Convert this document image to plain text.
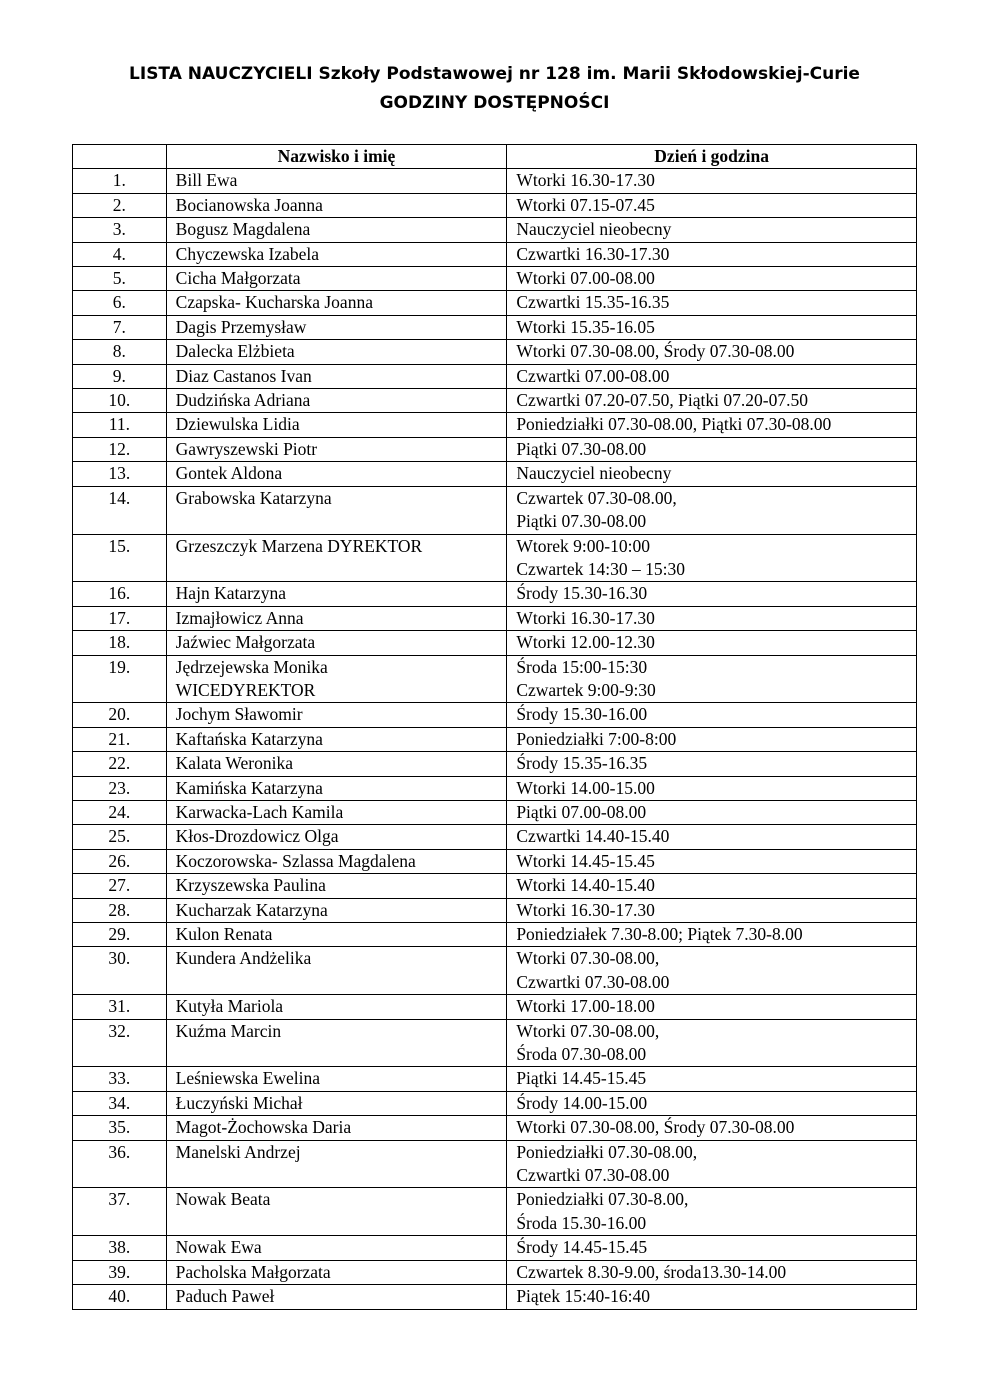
LISTA NAUCZYCIELI Szkoły Podstawowej nr 128 im. Marii Skłodowskiej-Curie
GODZINY DOSTĘPNOŚCI
	Nazwisko i imię	Dzień i godzina
1.	Bill Ewa	Wtorki 16.30-17.30

2.	Bocianowska Joanna	Wtorki 07.15-07.45

3.	Bogusz Magdalena	Nauczyciel nieobecny

4.	Chyczewska Izabela	Czwartki 16.30-17.30

5.	Cicha Małgorzata	Wtorki 07.00-08.00

6.	Czapska- Kucharska Joanna	Czwartki 15.35-16.35

7.	Dagis Przemysław	Wtorki 15.35-16.05

8.	Dalecka Elżbieta	Wtorki 07.30-08.00, Środy 07.30-08.00

9.	Diaz Castanos Ivan	Czwartki 07.00-08.00

10.	Dudzińska Adriana	Czwartki 07.20-07.50, Piątki 07.20-07.50

11.	Dziewulska Lidia	Poniedziałki 07.30-08.00, Piątki 07.30-08.00

12.	Gawryszewski Piotr	Piątki 07.30-08.00

13.	Gontek Aldona	Nauczyciel nieobecny

14.	Grabowska Katarzyna	Czwartek 07.30-08.00,
Piątki 07.30-08.00

15.	Grzeszczyk Marzena DYREKTOR	Wtorek 9:00-10:00
Czwartek 14:30 – 15:30

16.	Hajn Katarzyna	Środy 15.30-16.30

17.	Izmajłowicz Anna	Wtorki 16.30-17.30

18.	Jaźwiec Małgorzata	Wtorki 12.00-12.30

19.	Jędrzejewska Monika
WICEDYREKTOR	Środa 15:00-15:30
Czwartek 9:00-9:30

20.	Jochym Sławomir	Środy 15.30-16.00

21.	Kaftańska Katarzyna	Poniedziałki 7:00-8:00

22.	Kalata Weronika	Środy 15.35-16.35

23.	Kamińska Katarzyna	Wtorki 14.00-15.00

24.	Karwacka-Lach Kamila	Piątki 07.00-08.00

25.	Kłos-Drozdowicz Olga	Czwartki 14.40-15.40

26.	Koczorowska- Szlassa Magdalena	Wtorki 14.45-15.45

27.	Krzyszewska Paulina	Wtorki 14.40-15.40

28.	Kucharzak Katarzyna	Wtorki 16.30-17.30

29.	Kulon Renata	Poniedziałek 7.30-8.00; Piątek 7.30-8.00

30.	Kundera Andżelika	Wtorki 07.30-08.00,
Czwartki 07.30-08.00

31.	Kutyła Mariola	Wtorki 17.00-18.00

32.	Kuźma Marcin	Wtorki 07.30-08.00,
Środa 07.30-08.00

33.	Leśniewska Ewelina	Piątki 14.45-15.45

34.	Łuczyński Michał	Środy 14.00-15.00

35.	Magot-Żochowska Daria	Wtorki 07.30-08.00, Środy 07.30-08.00

36.	Manelski Andrzej	Poniedziałki 07.30-08.00,
Czwartki 07.30-08.00

37.	Nowak Beata	Poniedziałki 07.30-8.00,
Środa 15.30-16.00

38.	Nowak Ewa	Środy 14.45-15.45

39.	Pacholska Małgorzata	Czwartek 8.30-9.00, środa13.30-14.00

40.	Paduch Paweł	Piątek 15:40-16:40
